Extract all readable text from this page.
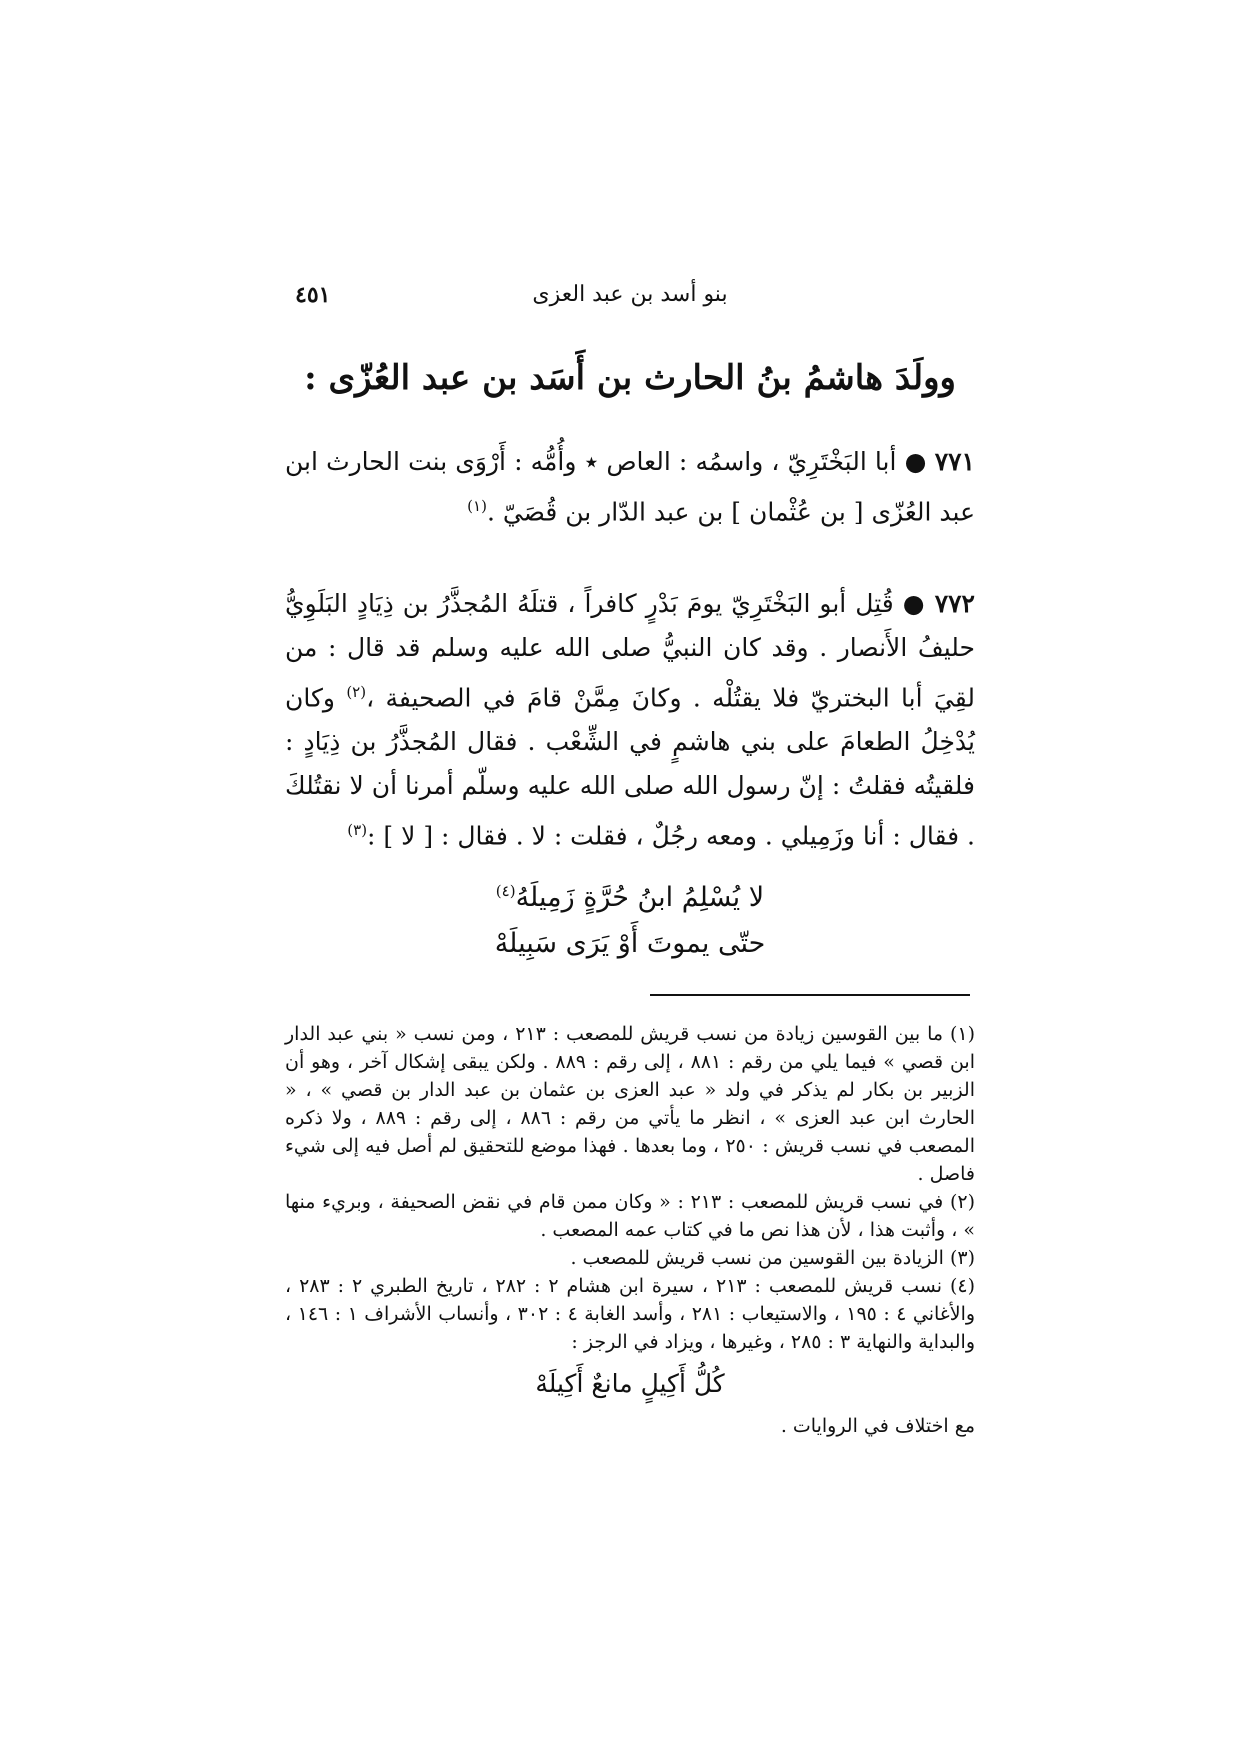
بنو أسد بن عبد العزى
٤٥١
وولَدَ هاشمُ بنُ الحارث بن أَسَد بن عبد العُزّى :
٧٧١ ● أبا البَخْتَرِيّ ، واسمُه : العاص ٭ وأُمُّه : أَرْوَى بنت الحارث ابن عبد العُزّى [ بن عُثْمان ] بن عبد الدّار بن قُصَيّ .$^{(١)}$
٧٧٢ ● قُتِل أبو البَخْتَرِيّ يومَ بَدْرٍ كافراً ، قتلَهُ المُجذَّرُ بن ذِيَادٍ البَلَوِيُّ حليفُ الأَنصار . وقد كان النبيُّ صلى الله عليه وسلم قد قال : من لقِيَ أبا البختريّ فلا يقتُلْه . وكانَ مِمَّنْ قامَ في الصحيفة ،$^{(٢)}$ وكان يُدْخِلُ الطعامَ على بني هاشمٍ في الشِّعْب . فقال المُجذَّرُ بن ذِيَادٍ : فلقيتُه فقلتُ : إنّ رسول الله صلى الله عليه وسلّم أمرنا أن لا نقتُلكَ . فقال : أنا وزَمِيلي . ومعه رجُلٌ ، فقلت : لا . فقال : [ لا ] :$^{(٣)}$
لا يُسْلِمُ ابنُ حُرَّةٍ زَمِيلَهُ$^{(٤)}$
حتّى يموتَ أَوْ يَرَى سَبِيلَهْ

(١) ما بين القوسين زيادة من نسب قريش للمصعب : ٢١٣ ، ومن نسب « بني عبد الدار ابن قصي » فيما يلي من رقم : ٨٨١ ، إلى رقم : ٨٨٩ . ولكن يبقى إشكال آخر ، وهو أن الزبير بن بكار لم يذكر في ولد « عبد العزى بن عثمان بن عبد الدار بن قصي » ، « الحارث ابن عبد العزى » ، انظر ما يأتي من رقم : ٨٨٦ ، إلى رقم : ٨٨٩ ، ولا ذكره المصعب في نسب قريش : ٢٥٠ ، وما بعدها . فهذا موضع للتحقيق لم أصل فيه إلى شيء فاصل .

(٢) في نسب قريش للمصعب : ٢١٣ : « وكان ممن قام في نقض الصحيفة ، وبريء منها » ، وأثبت هذا ، لأن هذا نص ما في كتاب عمه المصعب .

(٣) الزيادة بين القوسين من نسب قريش للمصعب .

(٤) نسب قريش للمصعب : ٢١٣ ، سيرة ابن هشام ٢ : ٢٨٢ ، تاريخ الطبري ٢ : ٢٨٣ ، والأغاني ٤ : ١٩٥ ، والاستيعاب : ٢٨١ ، وأسد الغابة ٤ : ٣٠٢ ، وأنساب الأشراف ١ : ١٤٦ ، والبداية والنهاية ٣ : ٢٨٥ ، وغيرها ، ويزاد في الرجز :

كُلُّ أَكِيلٍ مانعٌ أَكِيلَهْ

مع اختلاف في الروايات .
